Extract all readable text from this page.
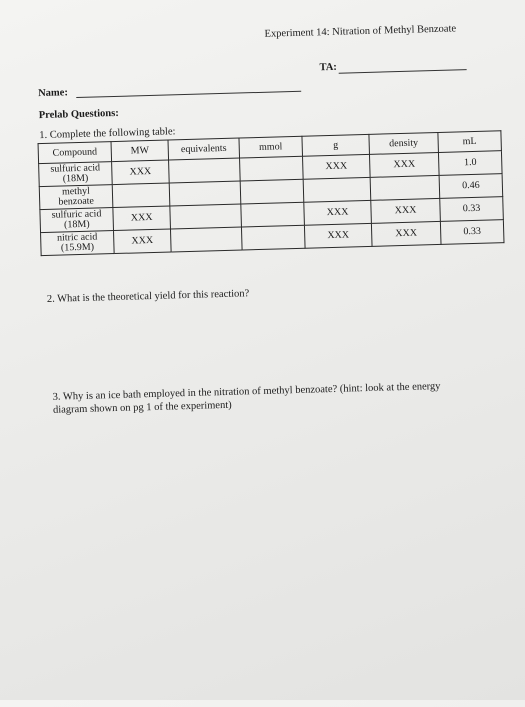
Experiment 14: Nitration of Methyl Benzoate
TA:
Name:
Prelab Questions:
1. Complete the following table:
Compound	MW	equivalents	mmol	g	density	mL
sulfuric acid
(18M)	XXX			XXX	XXX	1.0
methyl
benzoate						0.46
sulfuric acid
(18M)	XXX			XXX	XXX	0.33
nitric acid
(15.9M)	XXX			XXX	XXX	0.33
2. What is the theoretical yield for this reaction?
3. Why is an ice bath employed in the nitration of methyl benzoate? (hint: look at the energy
diagram shown on pg 1 of the experiment)
